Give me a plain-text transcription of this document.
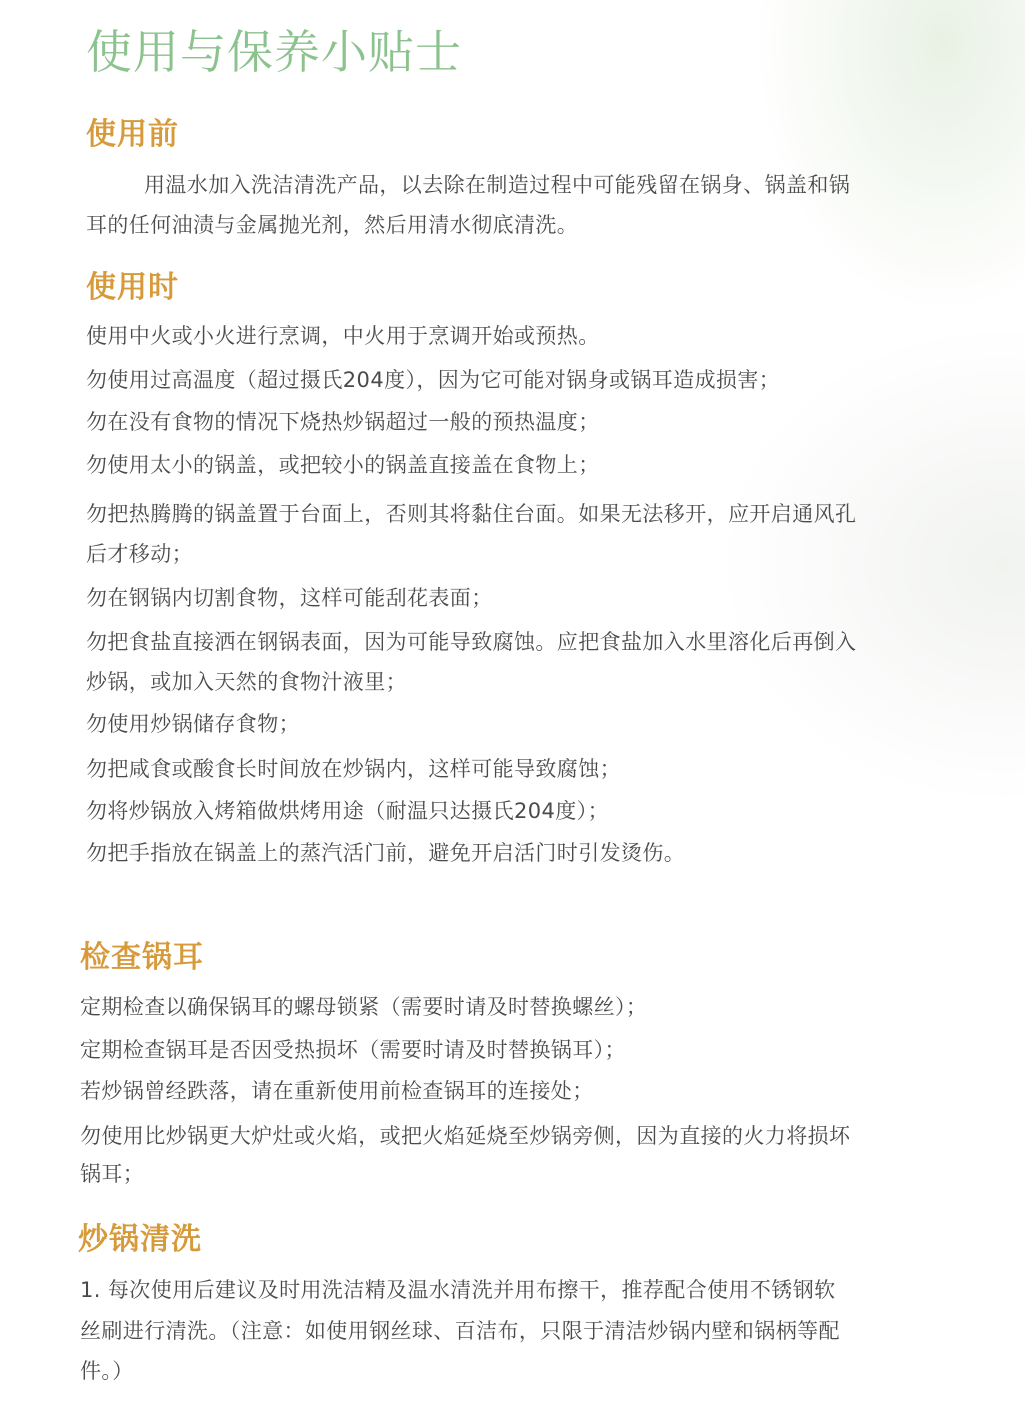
使用与保养小贴士
使用前
用温水加入洗洁清洗产品，以去除在制造过程中可能残留在锅身、锅盖和锅
耳的任何油渍与金属抛光剂，然后用清水彻底清洗。
使用时
使用中火或小火进行烹调，中火用于烹调开始或预热。
勿使用过高温度（超过摄氏204度），因为它可能对锅身或锅耳造成损害；
勿在没有食物的情况下烧热炒锅超过一般的预热温度；
勿使用太小的锅盖，或把较小的锅盖直接盖在食物上；
勿把热腾腾的锅盖置于台面上，否则其将黏住台面。如果无法移开，应开启通风孔
后才移动；
勿在钢锅内切割食物，这样可能刮花表面；
勿把食盐直接洒在钢锅表面，因为可能导致腐蚀。应把食盐加入水里溶化后再倒入
炒锅，或加入天然的食物汁液里；
勿使用炒锅储存食物；
勿把咸食或酸食长时间放在炒锅内，这样可能导致腐蚀；
勿将炒锅放入烤箱做烘烤用途（耐温只达摄氏204度）；
勿把手指放在锅盖上的蒸汽活门前，避免开启活门时引发烫伤。
检查锅耳
定期检查以确保锅耳的螺母锁紧（需要时请及时替换螺丝）；
定期检查锅耳是否因受热损坏（需要时请及时替换锅耳）；
若炒锅曾经跌落，请在重新使用前检查锅耳的连接处；
勿使用比炒锅更大炉灶或火焰，或把火焰延烧至炒锅旁侧，因为直接的火力将损坏
锅耳；
炒锅清洗
1. 每次使用后建议及时用洗洁精及温水清洗并用布擦干，推荐配合使用不锈钢软
丝刷进行清洗。（注意：如使用钢丝球、百洁布，只限于清洁炒锅内壁和锅柄等配
件。）
